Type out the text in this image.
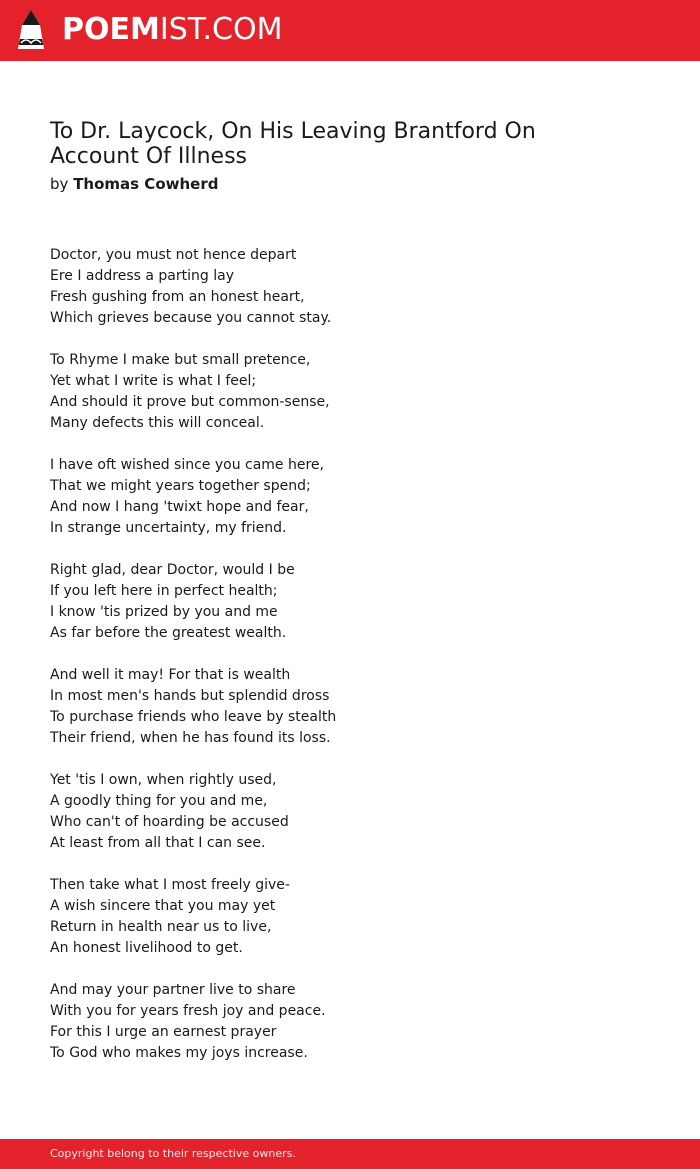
POEMIST.COM
To Dr. Laycock, On His Leaving Brantford On Account Of Illness
by Thomas Cowherd
Doctor, you must not hence depart
Ere I address a parting lay
Fresh gushing from an honest heart,
Which grieves because you cannot stay.
To Rhyme I make but small pretence,
Yet what I write is what I feel;
And should it prove but common-sense,
Many defects this will conceal.
I have oft wished since you came here,
That we might years together spend;
And now I hang 'twixt hope and fear,
In strange uncertainty, my friend.
Right glad, dear Doctor, would I be
If you left here in perfect health;
I know 'tis prized by you and me
As far before the greatest wealth.
And well it may! For that is wealth
In most men's hands but splendid dross
To purchase friends who leave by stealth
Their friend, when he has found its loss.
Yet 'tis I own, when rightly used,
A goodly thing for you and me,
Who can't of hoarding be accused
At least from all that I can see.
Then take what I most freely give-
A wish sincere that you may yet
Return in health near us to live,
An honest livelihood to get.
And may your partner live to share
With you for years fresh joy and peace.
For this I urge an earnest prayer
To God who makes my joys increase.
Copyright belong to their respective owners.
